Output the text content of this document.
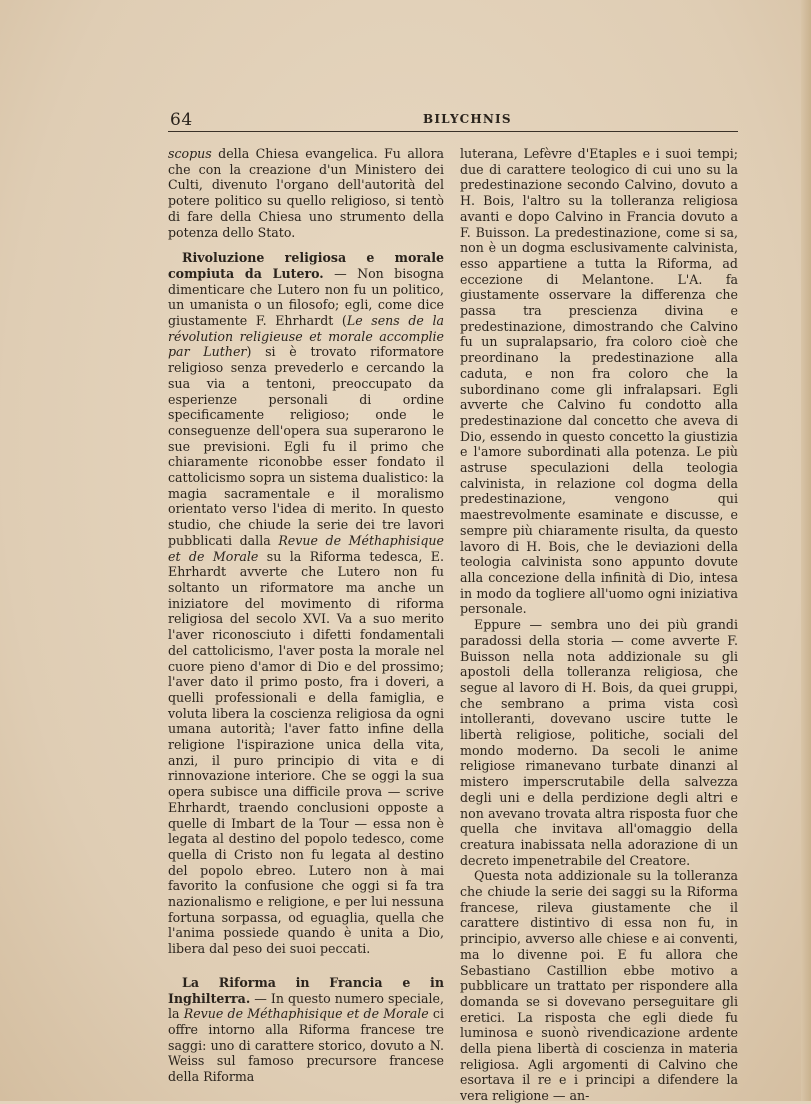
64	BILYCHNIS

scopus della Chiesa evangelica. Fu allora che con la creazione d'un Ministero dei Culti, divenuto l'organo dell'autorità del potere politico su quello religioso, si tentò di fare della Chiesa uno strumento della potenza dello Stato.

Rivoluzione religiosa e morale compiuta da Lutero. — Non bisogna dimenticare che Lutero non fu un politico, un umanista o un filosofo; egli, come dice giustamente F. Ehrhardt (Le sens de la révolution religieuse et morale accomplie par Luther) si è trovato riformatore religioso senza prevederlo e cercando la sua via a tentoni, preoccupato da esperienze personali di ordine specificamente religioso; onde le conseguenze dell'opera sua superarono le sue previsioni. Egli fu il primo che chiaramente riconobbe esser fondato il cattolicismo sopra un sistema dualistico: la magia sacramentale e il moralismo orientato verso l'idea di merito. In questo studio, che chiude la serie dei tre lavori pubblicati dalla Revue de Méthaphisique et de Morale su la Riforma tedesca, E. Ehrhardt avverte che Lutero non fu soltanto un riformatore ma anche un iniziatore del movimento di riforma religiosa del secolo XVI. Va a suo merito l'aver riconosciuto i difetti fondamentali del cattolicismo, l'aver posta la morale nel cuore pieno d'amor di Dio e del prossimo; l'aver dato il primo posto, fra i doveri, a quelli professionali e della famiglia, e voluta libera la coscienza religiosa da ogni umana autorità; l'aver fatto infine della religione l'ispirazione unica della vita, anzi, il puro principio di vita e di rinnovazione interiore. Che se oggi la sua opera subisce una difficile prova — scrive Ehrhardt, traendo conclusioni opposte a quelle di Imbart de la Tour — essa non è legata al destino del popolo tedesco, come quella di Cristo non fu legata al destino del popolo ebreo. Lutero non à mai favorito la confusione che oggi si fa tra nazionalismo e religione, e per lui nessuna fortuna sorpassa, od eguaglia, quella che l'anima possiede quando è unita a Dio, libera dal peso dei suoi peccati.

La Riforma in Francia e in Inghilterra. — In questo numero speciale, la Revue de Méthaphisique et de Morale ci offre intorno alla Riforma francese tre saggi: uno di carattere storico, dovuto a N. Weiss sul famoso precursore francese della Riforma

luterana, Lefèvre d'Etaples e i suoi tempi; due di carattere teologico di cui uno su la predestinazione secondo Calvino, dovuto a H. Bois, l'altro su la tolleranza religiosa avanti e dopo Calvino in Francia dovuto a F. Buisson. La predestinazione, come si sa, non è un dogma esclusivamente calvinista, esso appartiene a tutta la Riforma, ad eccezione di Melantone. L'A. fa giustamente osservare la differenza che passa tra prescienza divina e predestinazione, dimostrando che Calvino fu un supralapsario, fra coloro cioè che preordinano la predestinazione alla caduta, e non fra coloro che la subordinano come gli infralapsari. Egli avverte che Calvino fu condotto alla predestinazione dal concetto che aveva di Dio, essendo in questo concetto la giustizia e l'amore subordinati alla potenza. Le più astruse speculazioni della teologia calvinista, in relazione col dogma della predestinazione, vengono qui maestrevolmente esaminate e discusse, e sempre più chiaramente risulta, da questo lavoro di H. Bois, che le deviazioni della teologia calvinista sono appunto dovute alla concezione della infinità di Dio, intesa in modo da togliere all'uomo ogni iniziativa personale.

Eppure — sembra uno dei più grandi paradossi della storia — come avverte F. Buisson nella nota addizionale su gli apostoli della tolleranza religiosa, che segue al lavoro di H. Bois, da quei gruppi, che sembrano a prima vista così intolleranti, dovevano uscire tutte le libertà religiose, politiche, sociali del mondo moderno. Da secoli le anime religiose rimanevano turbate dinanzi al mistero imperscrutabile della salvezza degli uni e della perdizione degli altri e non avevano trovata altra risposta fuor che quella che invitava all'omaggio della creatura inabissata nella adorazione di un decreto impenetrabile del Creatore.

Questa nota addizionale su la tolleranza che chiude la serie dei saggi su la Riforma francese, rileva giustamente che il carattere distintivo di essa non fu, in principio, avverso alle chiese e ai conventi, ma lo divenne poi. E fu allora che Sebastiano Castillion ebbe motivo a pubblicare un trattato per rispondere alla domanda se si dovevano perseguitare gli eretici. La risposta che egli diede fu luminosa e suonò rivendicazione ardente della piena libertà di coscienza in materia religiosa. Agli argomenti di Calvino che esortava il re e i principi a difendere la vera religione — an-
